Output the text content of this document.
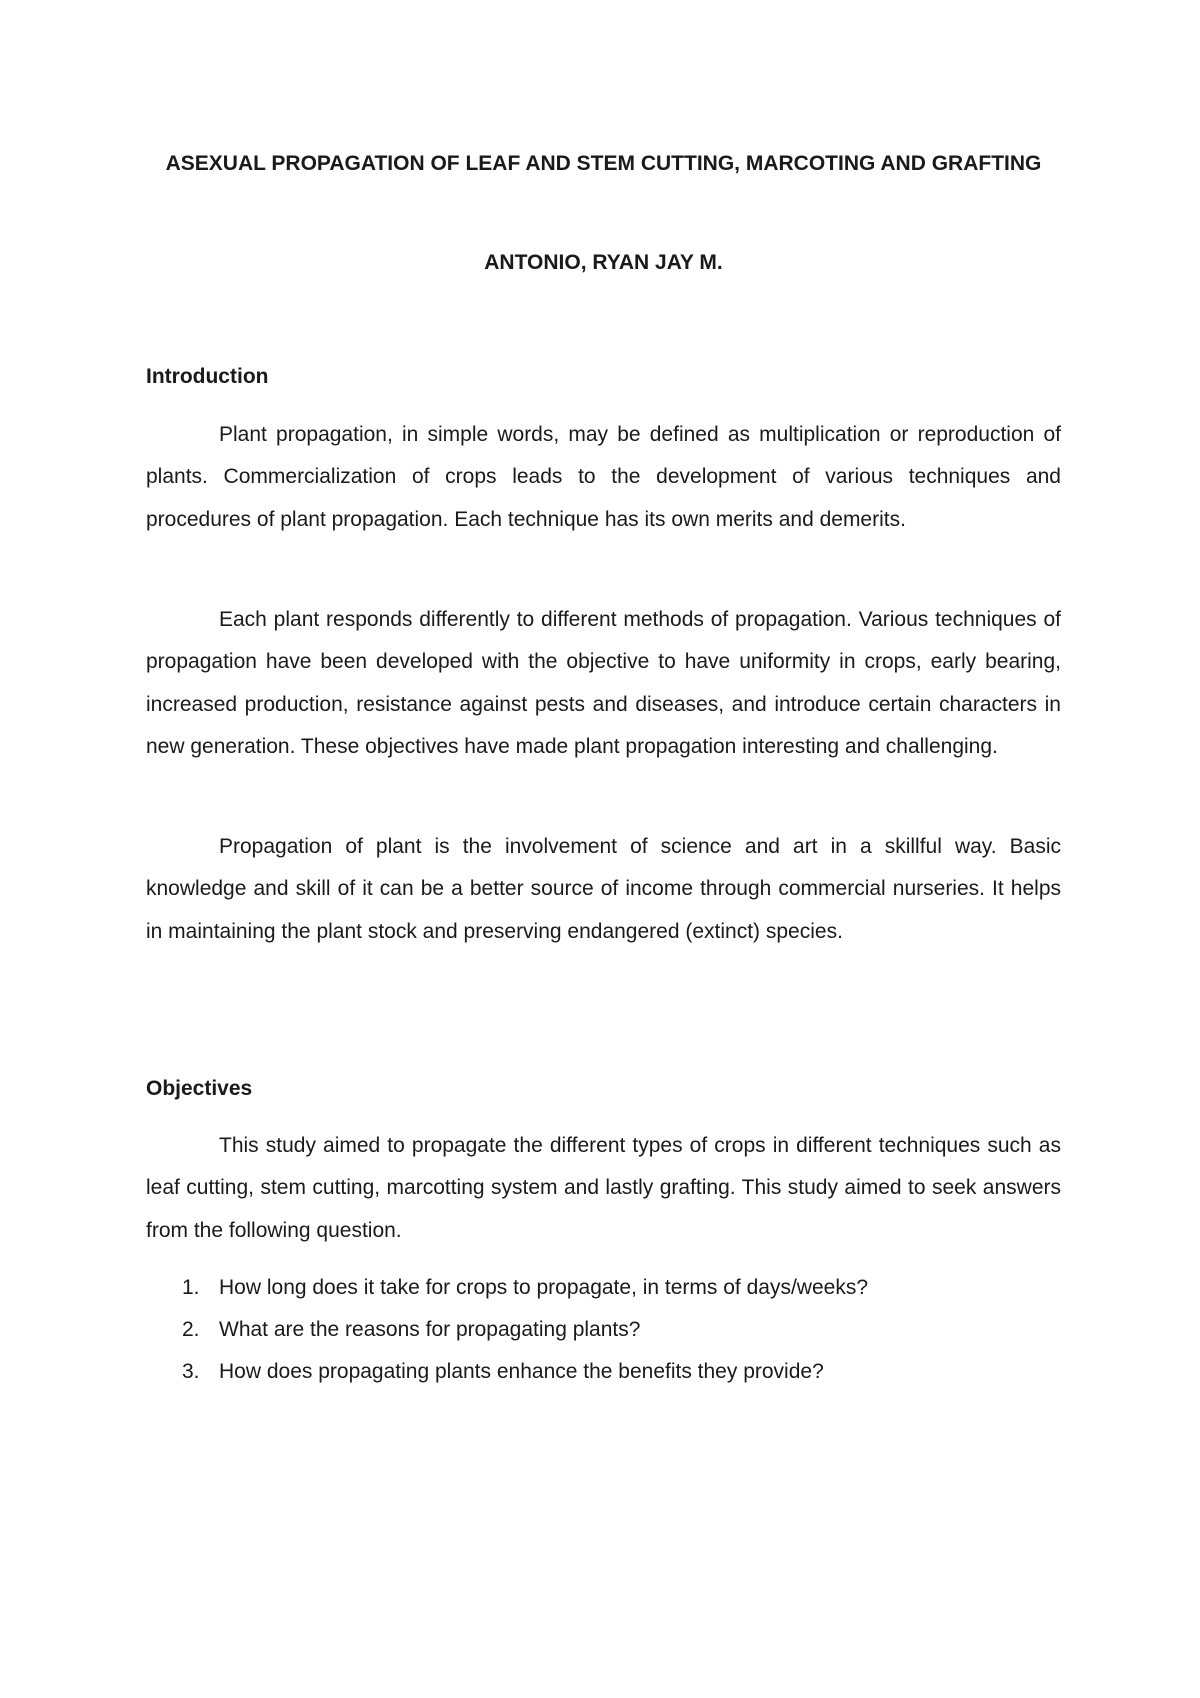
ASEXUAL PROPAGATION OF LEAF AND STEM CUTTING, MARCOTING AND GRAFTING
ANTONIO, RYAN JAY M.
Introduction

Plant propagation, in simple words, may be defined as multiplication or reproduction of plants. Commercialization of crops leads to the development of various techniques and procedures of plant propagation. Each technique has its own merits and demerits.

Each plant responds differently to different methods of propagation. Various techniques of propagation have been developed with the objective to have uniformity in crops, early bearing, increased production, resistance against pests and diseases, and introduce certain characters in new generation. These objectives have made plant propagation interesting and challenging.

Propagation of plant is the involvement of science and art in a skillful way. Basic knowledge and skill of it can be a better source of income through commercial nurseries. It helps in maintaining the plant stock and preserving endangered (extinct) species.

Objectives

This study aimed to propagate the different types of crops in different techniques such as leaf cutting, stem cutting, marcotting system and lastly grafting. This study aimed to seek answers from the following question.

1. How long does it take for crops to propagate, in terms of days/weeks?
2. What are the reasons for propagating plants?
3. How does propagating plants enhance the benefits they provide?
